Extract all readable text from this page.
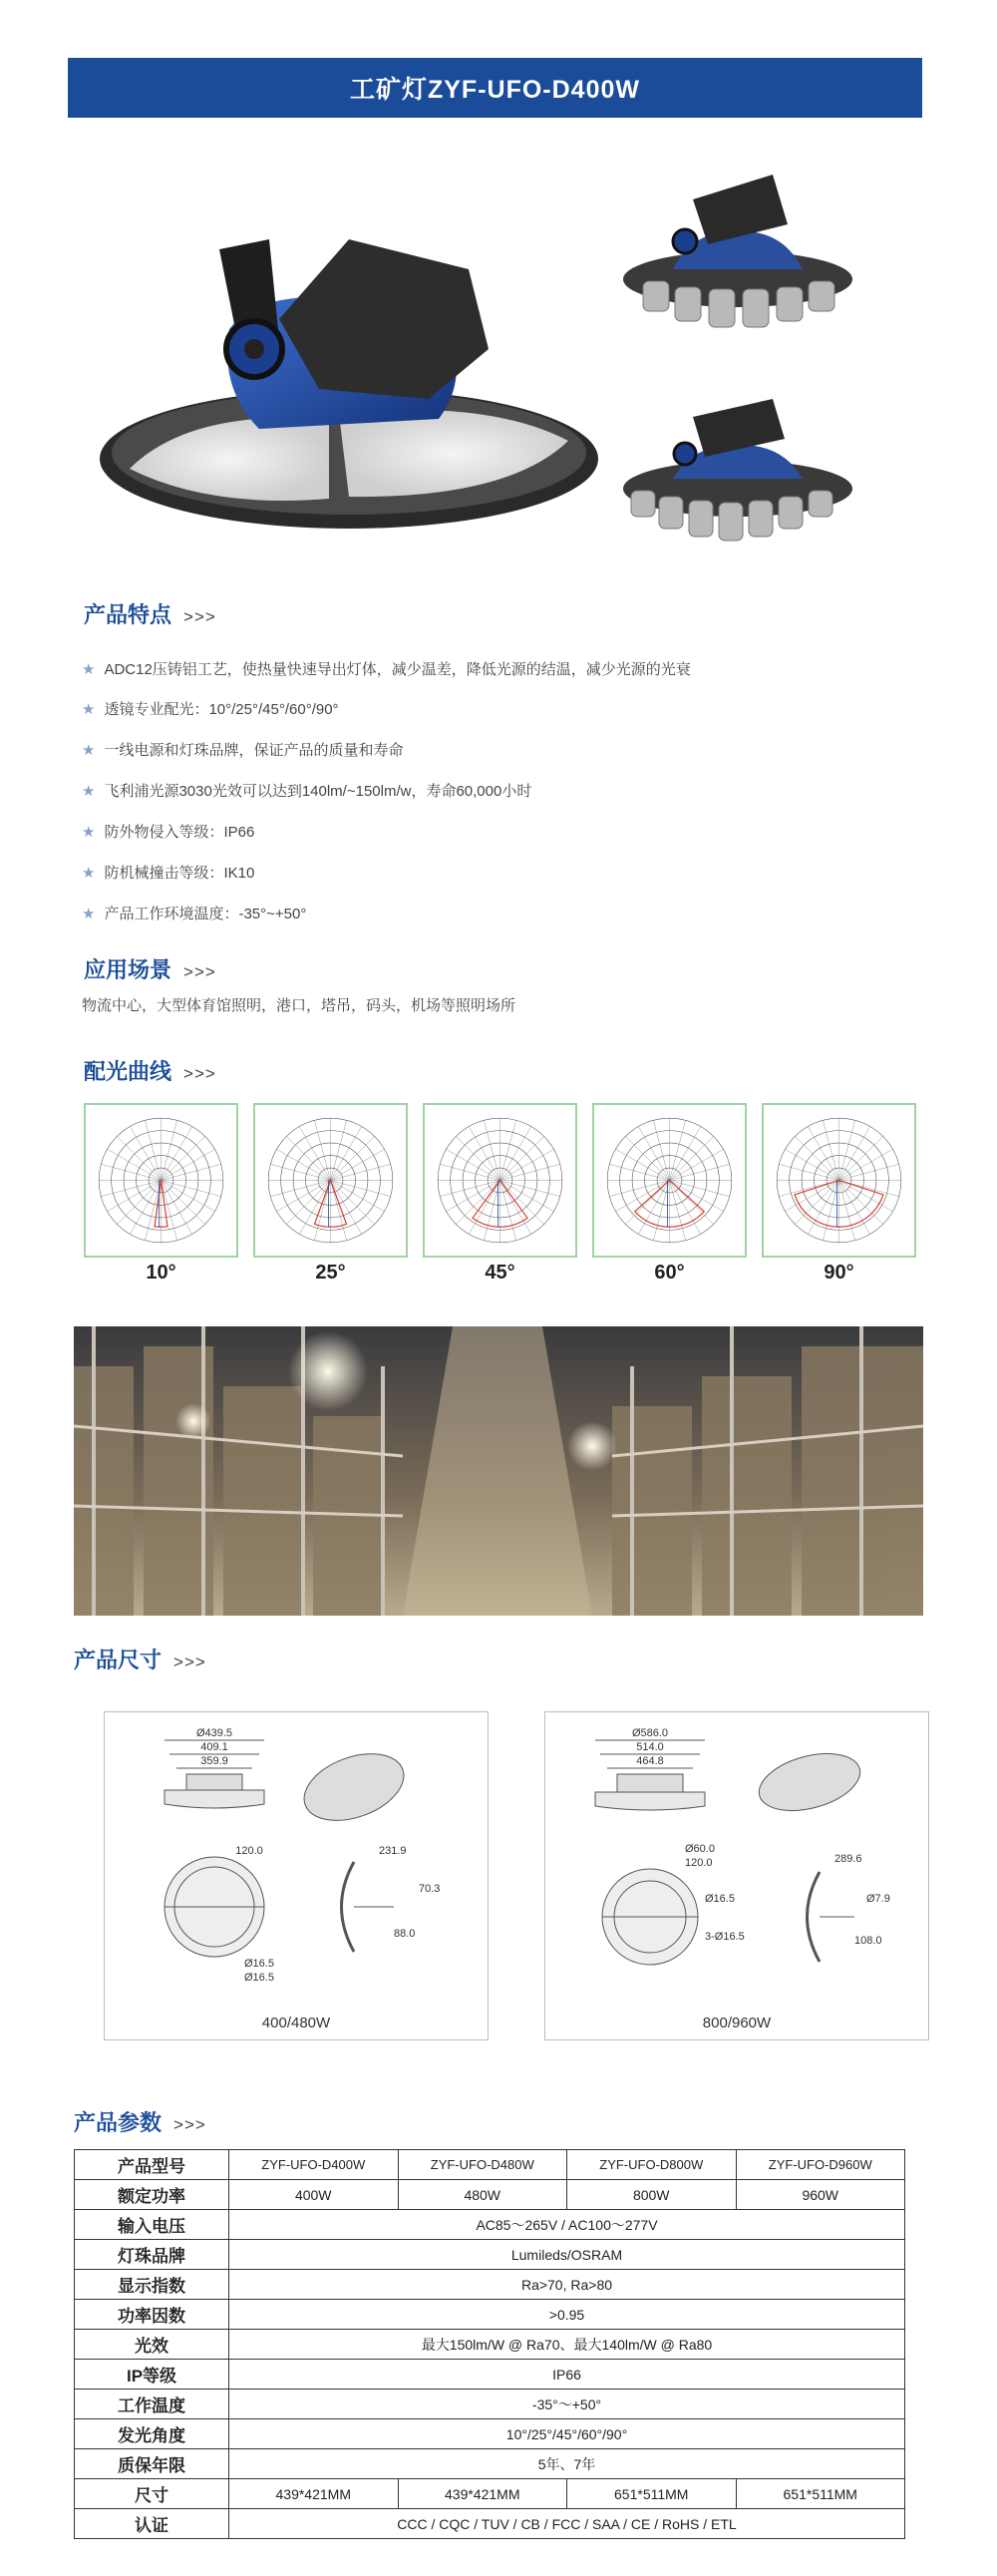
工矿灯ZYF-UFO-D400W
产品特点 >>>
★ ADC12压铸铝工艺，使热量快速导出灯体，减少温差，降低光源的结温，减少光源的光衰
★ 透镜专业配光：10°/25°/45°/60°/90°
★ 一线电源和灯珠品牌，保证产品的质量和寿命
★ 飞利浦光源3030光效可以达到140lm/~150lm/w，寿命60,000小时
★ 防外物侵入等级：IP66
★ 防机械撞击等级：IK10
★ 产品工作环境温度：-35°~+50°
应用场景 >>>
物流中心，大型体育馆照明，港口，塔吊，码头，机场等照明场所
配光曲线 >>>
10°	25°	45°	60°	90°
产品尺寸 >>>
Ø439.5
409.1
359.9
120.0
Ø16.5
Ø16.5
231.9
70.3
88.0
400/480W
Ø586.0
514.0
464.8
Ø60.0
120.0
Ø16.5
3-Ø16.5
289.6
Ø7.9
108.0
800/960W
产品参数 >>>
产品型号	ZYF-UFO-D400W	ZYF-UFO-D480W	ZYF-UFO-D800W	ZYF-UFO-D960W
额定功率	400W	480W	800W	960W
输入电压	AC85～265V / AC100～277V			
灯珠品牌	Lumileds/OSRAM			
显示指数	Ra>70, Ra>80			
功率因数	>0.95			
光效	最大150lm/W @ Ra70、最大140lm/W @ Ra80			
IP等级	IP66			
工作温度	-35°～+50°			
发光角度	10°/25°/45°/60°/90°			
质保年限	5年、7年			
尺寸	439*421MM	439*421MM	651*511MM	651*511MM
认证	CCC / CQC / TUV / CB / FCC / SAA / CE / RoHS / ETL			
